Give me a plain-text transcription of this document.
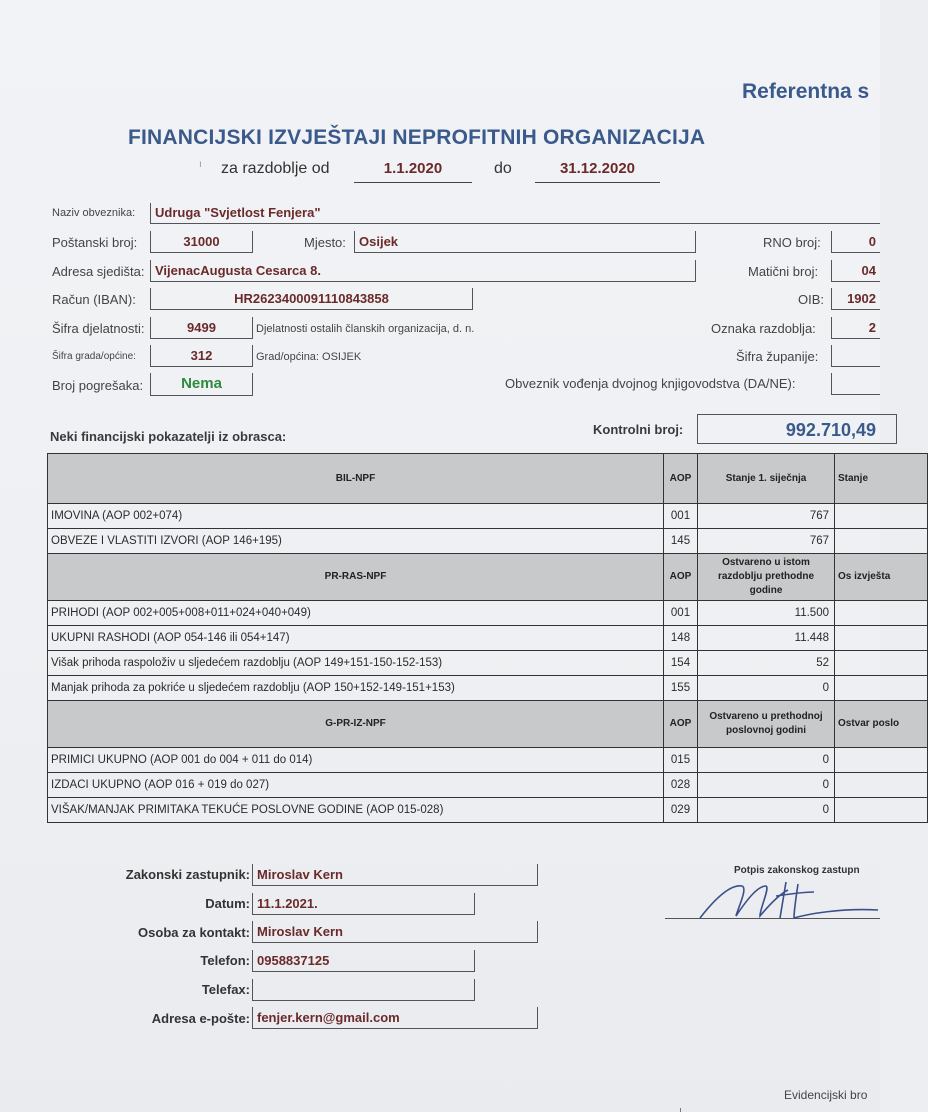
Referentna s
FINANCIJSKI IZVJEŠTAJI NEPROFITNIH ORGANIZACIJA
ı za razdoblje od	1.1.2020	do	31.12.2020
Naziv obveznika:	Udruga "Svjetlost Fenjera"
Poštanski broj:	31000	Mjesto:	Osijek	RNO broj:	0
Adresa sjedišta: VijenacAugusta Cesarca 8.	Matični broj:	04
Račun (IBAN):	HR2623400091110843858	OIB:	1902
Šifra djelatnosti:	9499	Djelatnosti ostalih članskih organizacija, d. n.	Oznaka razdoblja:	2
Šifra grada/općine:	312	Grad/općina: OSIJEK	Šifra županije:
Broj pogrešaka:	Nema	Obveznik vođenja dvojnog knjigovodstva (DA/NE):
Neki financijski pokazatelji iz obrasca:	Kontrolni broj:	992.710,49
BIL-NPF	AOP	Stanje 1. siječnja	Stanje
IMOVINA (AOP 002+074)	001	767	
OBVEZE I VLASTITI IZVORI (AOP 146+195)	145	767	
PR-RAS-NPF	AOP	Ostvareno u istom razdoblju prethodne godine	Os izvješta
PRIHODI (AOP 002+005+008+011+024+040+049)	001	11.500	
UKUPNI RASHODI (AOP 054-146 ili 054+147)	148	11.448	
Višak prihoda raspoloživ u sljedećem razdoblju (AOP 149+151-150-152-153)	154	52	
Manjak prihoda za pokriće u sljedećem razdoblju (AOP 150+152-149-151+153)	155	0	
G-PR-IZ-NPF	AOP	Ostvareno u prethodnoj poslovnoj godini	Ostvar poslo
PRIMICI UKUPNO (AOP 001 do 004 + 011 do 014)	015	0	
IZDACI UKUPNO (AOP 016 + 019 do 027)	028	0	
VIŠAK/MANJAK PRIMITAKA TEKUĆE POSLOVNE GODINE (AOP 015-028)	029	0	
Zakonski zastupnik: Miroslav Kern
Datum: 11.1.2021.
Osoba za kontakt: Miroslav Kern
Telefon: 0958837125
Telefax:
Adresa e-pošte: fenjer.kern@gmail.com
Potpis zakonskog zastupn
Evidencijski bro
